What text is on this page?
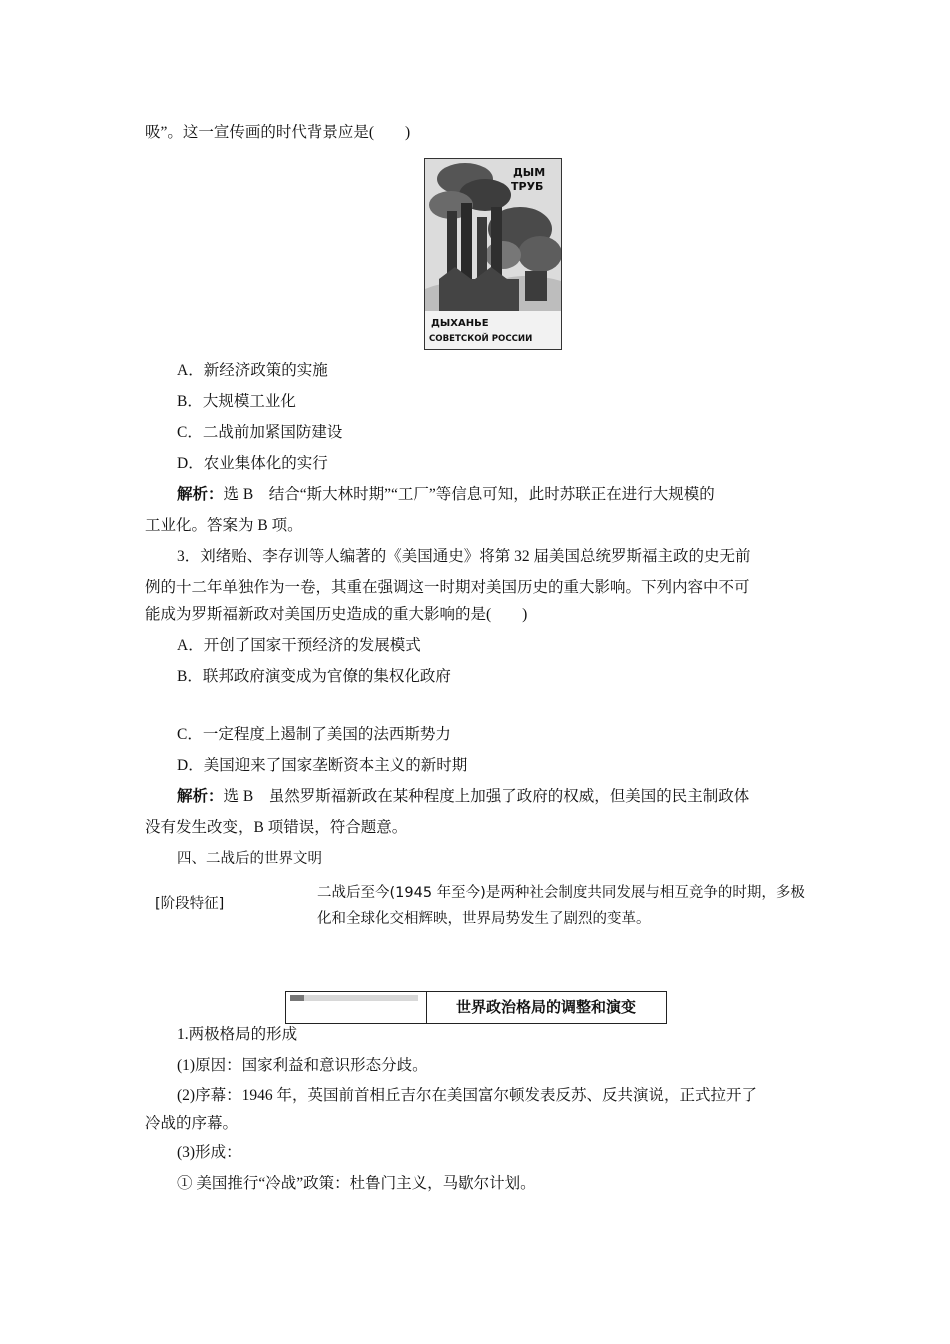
吸”。这一宣传画的时代背景应是(　　)
ДЫМ
ТРУБ
ДЫХАНЬЕ
СОВЕТСКОЙ РОССИИ
A．新经济政策的实施
B．大规模工业化
C．二战前加紧国防建设
D．农业集体化的实行
解析：选 B　结合“斯大林时期”“工厂”等信息可知，此时苏联正在进行大规模的
工业化。答案为 B 项。
3．刘绪贻、李存训等人编著的《美国通史》将第 32 届美国总统罗斯福主政的史无前
例的十二年单独作为一卷，其重在强调这一时期对美国历史的重大影响。下列内容中不可
能成为罗斯福新政对美国历史造成的重大影响的是(　　)
A．开创了国家干预经济的发展模式
B．联邦政府演变成为官僚的集权化政府
C．一定程度上遏制了美国的法西斯势力
D．美国迎来了国家垄断资本主义的新时期
解析：选 B　虽然罗斯福新政在某种程度上加强了政府的权威，但美国的民主制政体
没有发生改变，B 项错误，符合题意。
四、二战后的世界文明
[阶段特征]
二战后至今(1945 年至今)是两种社会制度共同发展与相互竞争的时期，多极化和全球化交相辉映，世界局势发生了剧烈的变革。
世界政治格局的调整和演变
1.两极格局的形成
(1)原因：国家利益和意识形态分歧。
(2)序幕：1946 年，英国前首相丘吉尔在美国富尔顿发表反苏、反共演说，正式拉开了
冷战的序幕。
(3)形成：
① 美国推行“冷战”政策：杜鲁门主义，马歇尔计划。
